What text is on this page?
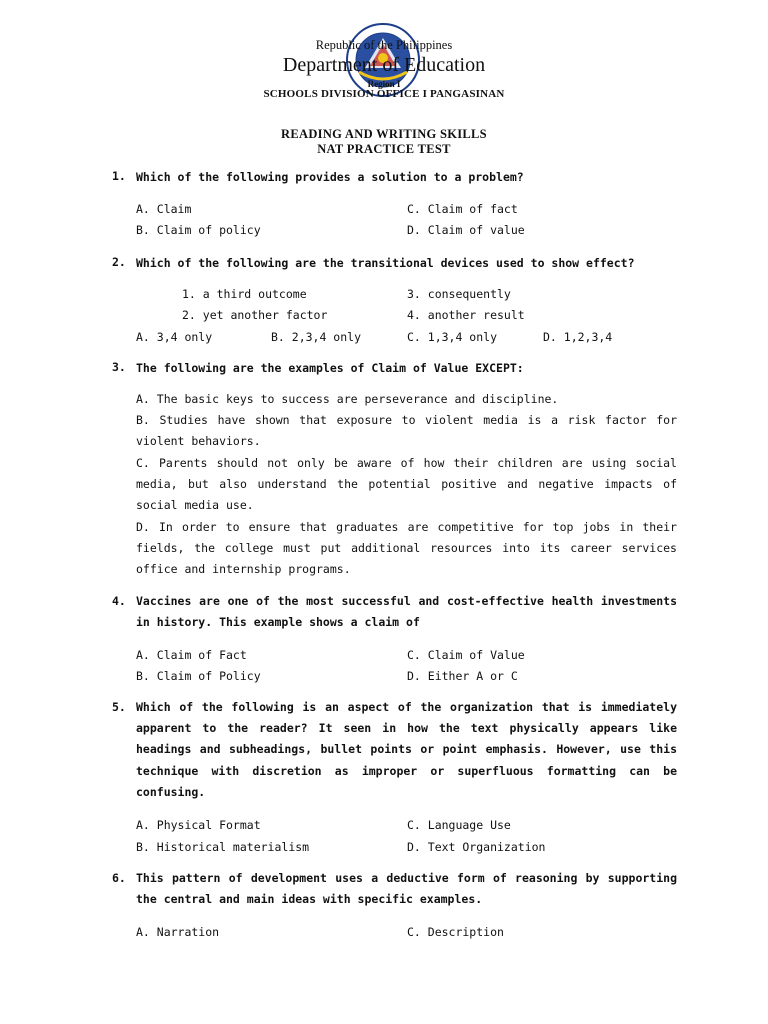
Republic of the Philippines
Department of Education
Region I
SCHOOLS DIVISION OFFICE I PANGASINAN
READING AND WRITING SKILLS
NAT PRACTICE TEST
1. Which of the following provides a solution to a problem?
A. Claim	C. Claim of fact
B. Claim of policy	D. Claim of value
2. Which of the following are the transitional devices used to show effect?
1. a third outcome	3. consequently
2. yet another factor	4. another result
A. 3,4 only	B. 2,3,4 only	C. 1,3,4 only	D. 1,2,3,4
3. The following are the examples of Claim of Value EXCEPT:
A. The basic keys to success are perseverance and discipline.
B. Studies have shown that exposure to violent media is a risk factor for violent behaviors.
C. Parents should not only be aware of how their children are using social media, but also understand the potential positive and negative impacts of social media use.
D. In order to ensure that graduates are competitive for top jobs in their fields, the college must put additional resources into its career services office and internship programs.
4. Vaccines are one of the most successful and cost-effective health investments in history. This example shows a claim of
A. Claim of Fact	C. Claim of Value
B. Claim of Policy	D. Either A or C
5. Which of the following is an aspect of the organization that is immediately apparent to the reader? It seen in how the text physically appears like headings and subheadings, bullet points or point emphasis. However, use this technique with discretion as improper or superfluous formatting can be confusing.
A. Physical Format	C. Language Use
B. Historical materialism	D. Text Organization
6. This pattern of development uses a deductive form of reasoning by supporting the central and main ideas with specific examples.
A. Narration	C. Description
